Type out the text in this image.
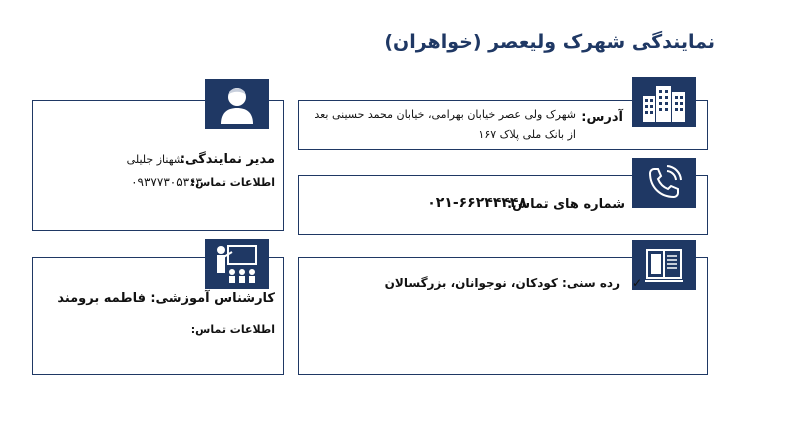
نمایندگی شهرک ولیعصر (خواهران)
آدرس:
شهرک ولی عصر خیابان بهرامی، خیابان محمد حسینی بعد
از بانک ملی پلاک ۱۶۷
شماره های تماس:
۰۲۱-۶۶۲۴۴۴۴۸
✓
رده سنی: کودکان، نوجوانان، بزرگسالان
مدیر نمایندگی:
شهناز جلیلی
اطلاعات تماس:
۰۹۳۷۷۳۰۵۳۶۳
کارشناس آموزشی:
فاطمه برومند
اطلاعات تماس:
